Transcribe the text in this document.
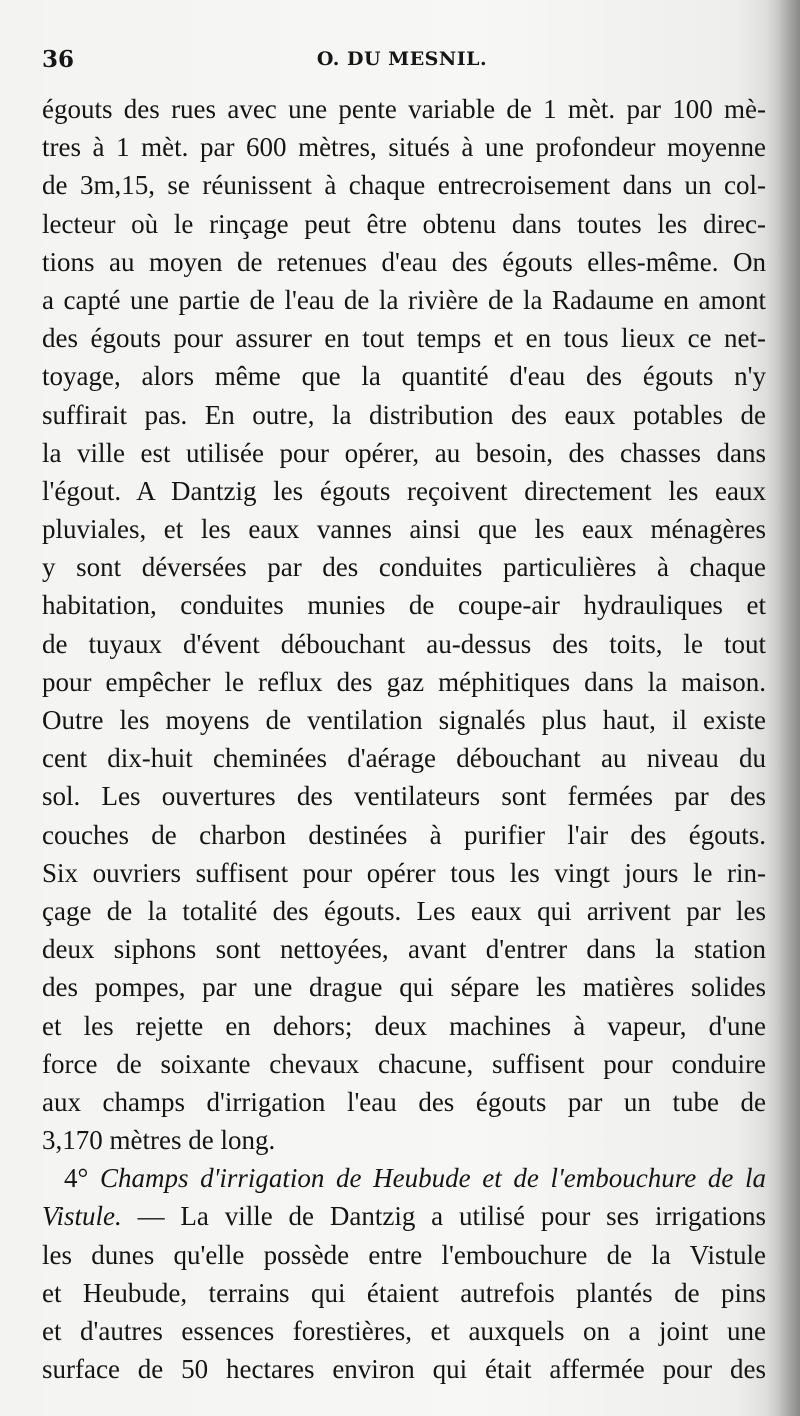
36	O. DU MESNIL.
égouts des rues avec une pente variable de 1 mèt. par 100 mè-
tres à 1 mèt. par 600 mètres, situés à une profondeur moyenne
de 3m,15, se réunissent à chaque entrecroisement dans un col-
lecteur où le rinçage peut être obtenu dans toutes les direc-
tions au moyen de retenues d'eau des égouts elles-même. On
a capté une partie de l'eau de la rivière de la Radaume en amont
des égouts pour assurer en tout temps et en tous lieux ce net-
toyage, alors même que la quantité d'eau des égouts n'y
suffirait pas. En outre, la distribution des eaux potables de
la ville est utilisée pour opérer, au besoin, des chasses dans
l'égout. A Dantzig les égouts reçoivent directement les eaux
pluviales, et les eaux vannes ainsi que les eaux ménagères
y sont déversées par des conduites particulières à chaque
habitation, conduites munies de coupe-air hydrauliques et
de tuyaux d'évent débouchant au-dessus des toits, le tout
pour empêcher le reflux des gaz méphitiques dans la maison.
Outre les moyens de ventilation signalés plus haut, il existe
cent dix-huit cheminées d'aérage débouchant au niveau du
sol. Les ouvertures des ventilateurs sont fermées par des
couches de charbon destinées à purifier l'air des égouts.
Six ouvriers suffisent pour opérer tous les vingt jours le rin-
çage de la totalité des égouts. Les eaux qui arrivent par les
deux siphons sont nettoyées, avant d'entrer dans la station
des pompes, par une drague qui sépare les matières solides
et les rejette en dehors; deux machines à vapeur, d'une
force de soixante chevaux chacune, suffisent pour conduire
aux champs d'irrigation l'eau des égouts par un tube de
3,170 mètres de long.
4° Champs d'irrigation de Heubude et de l'embouchure de la
Vistule. — La ville de Dantzig a utilisé pour ses irrigations
les dunes qu'elle possède entre l'embouchure de la Vistule
et Heubude, terrains qui étaient autrefois plantés de pins
et d'autres essences forestières, et auxquels on a joint une
surface de 50 hectares environ qui était affermée pour des
